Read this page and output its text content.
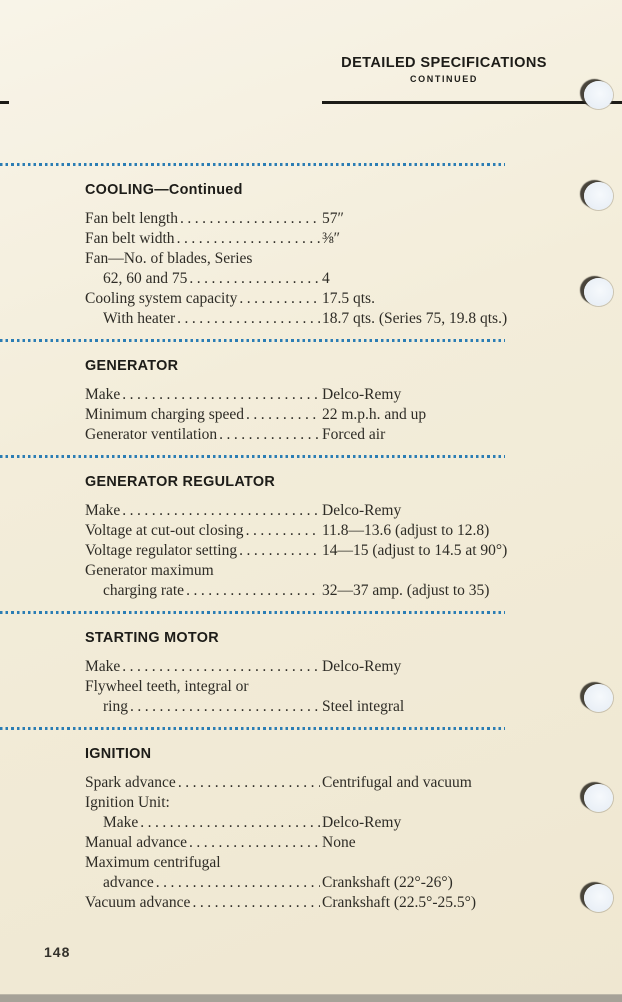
DETAILED SPECIFICATIONS
CONTINUED
COOLING—Continued
Fan belt length .....	57″
Fan belt width .....	⅜″
Fan—No. of blades, Series
62, 60 and 75 .....	4
Cooling system capacity .....	17.5 qts.
With heater .....	18.7 qts. (Series 75, 19.8 qts.)
GENERATOR
Make .....	Delco-Remy
Minimum charging speed .....	22 m.p.h. and up
Generator ventilation .....	Forced air
GENERATOR REGULATOR
Make .....	Delco-Remy
Voltage at cut-out closing .....	11.8—13.6 (adjust to 12.8)
Voltage regulator setting .....	14—15 (adjust to 14.5 at 90°)
Generator maximum
charging rate .....	32—37 amp. (adjust to 35)
STARTING MOTOR
Make .....	Delco-Remy
Flywheel teeth, integral or
ring .....	Steel integral
IGNITION
Spark advance .....	Centrifugal and vacuum
Ignition Unit:
Make .....	Delco-Remy
Manual advance .....	None
Maximum centrifugal
advance .....	Crankshaft (22°-26°)
Vacuum advance .....	Crankshaft (22.5°-25.5°)
148
